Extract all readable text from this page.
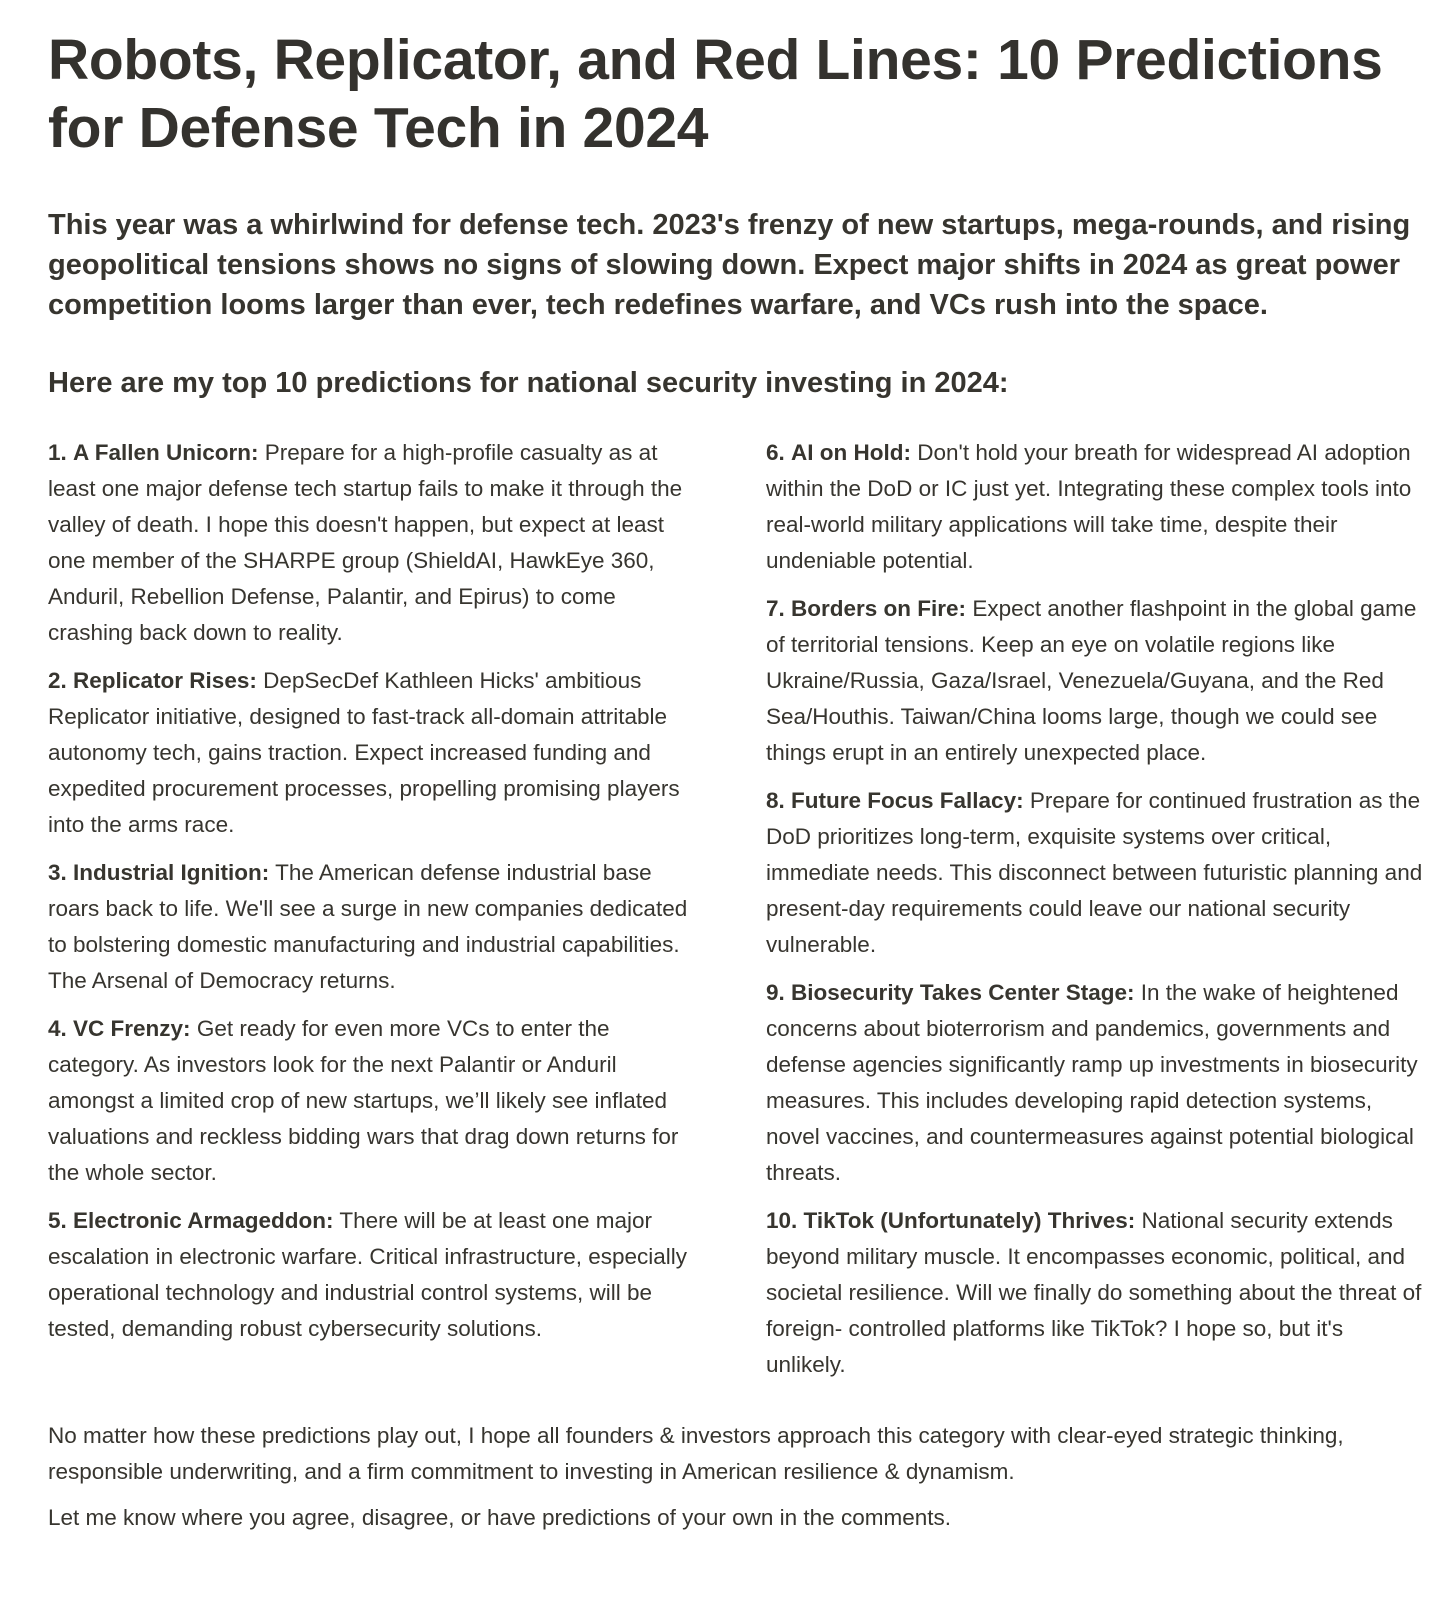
Robots, Replicator, and Red Lines: 10 Predictions for Defense Tech in 2024

This year was a whirlwind for defense tech. 2023's frenzy of new startups, mega-rounds, and rising geopolitical tensions shows no signs of slowing down. Expect major shifts in 2024 as great power competition looms larger than ever, tech redefines warfare, and VCs rush into the space.

Here are my top 10 predictions for national security investing in 2024:

1. A Fallen Unicorn: Prepare for a high-profile casualty as at least one major defense tech startup fails to make it through the valley of death. I hope this doesn't happen, but expect at least one member of the SHARPE group (ShieldAI, HawkEye 360, Anduril, Rebellion Defense, Palantir, and Epirus) to come crashing back down to reality.

2. Replicator Rises: DepSecDef Kathleen Hicks' ambitious Replicator initiative, designed to fast-track all-domain attritable autonomy tech, gains traction. Expect increased funding and expedited procurement processes, propelling promising players into the arms race.

3. Industrial Ignition: The American defense industrial base roars back to life. We'll see a surge in new companies dedicated to bolstering domestic manufacturing and industrial capabilities. The Arsenal of Democracy returns.

4. VC Frenzy: Get ready for even more VCs to enter the category. As investors look for the next Palantir or Anduril amongst a limited crop of new startups, we’ll likely see inflated valuations and reckless bidding wars that drag down returns for the whole sector.

5. Electronic Armageddon: There will be at least one major escalation in electronic warfare. Critical infrastructure, especially operational technology and industrial control systems, will be tested, demanding robust cybersecurity solutions.

6. AI on Hold: Don't hold your breath for widespread AI adoption within the DoD or IC just yet. Integrating these complex tools into real-world military applications will take time, despite their undeniable potential.

7. Borders on Fire: Expect another flashpoint in the global game of territorial tensions. Keep an eye on volatile regions like Ukraine/Russia, Gaza/Israel, Venezuela/Guyana, and the Red Sea/Houthis. Taiwan/China looms large, though we could see things erupt in an entirely unexpected place.

8. Future Focus Fallacy: Prepare for continued frustration as the DoD prioritizes long-term, exquisite systems over critical, immediate needs. This disconnect between futuristic planning and present-day requirements could leave our national security vulnerable.

9. Biosecurity Takes Center Stage: In the wake of heightened concerns about bioterrorism and pandemics, governments and defense agencies significantly ramp up investments in biosecurity measures. This includes developing rapid detection systems, novel vaccines, and countermeasures against potential biological threats.

10. TikTok (Unfortunately) Thrives: National security extends beyond military muscle. It encompasses economic, political, and societal resilience. Will we finally do something about the threat of foreign- controlled platforms like TikTok? I hope so, but it's unlikely.

No matter how these predictions play out, I hope all founders & investors approach this category with clear-eyed strategic thinking, responsible underwriting, and a firm commitment to investing in American resilience & dynamism.

Let me know where you agree, disagree, or have predictions of your own in the comments.
